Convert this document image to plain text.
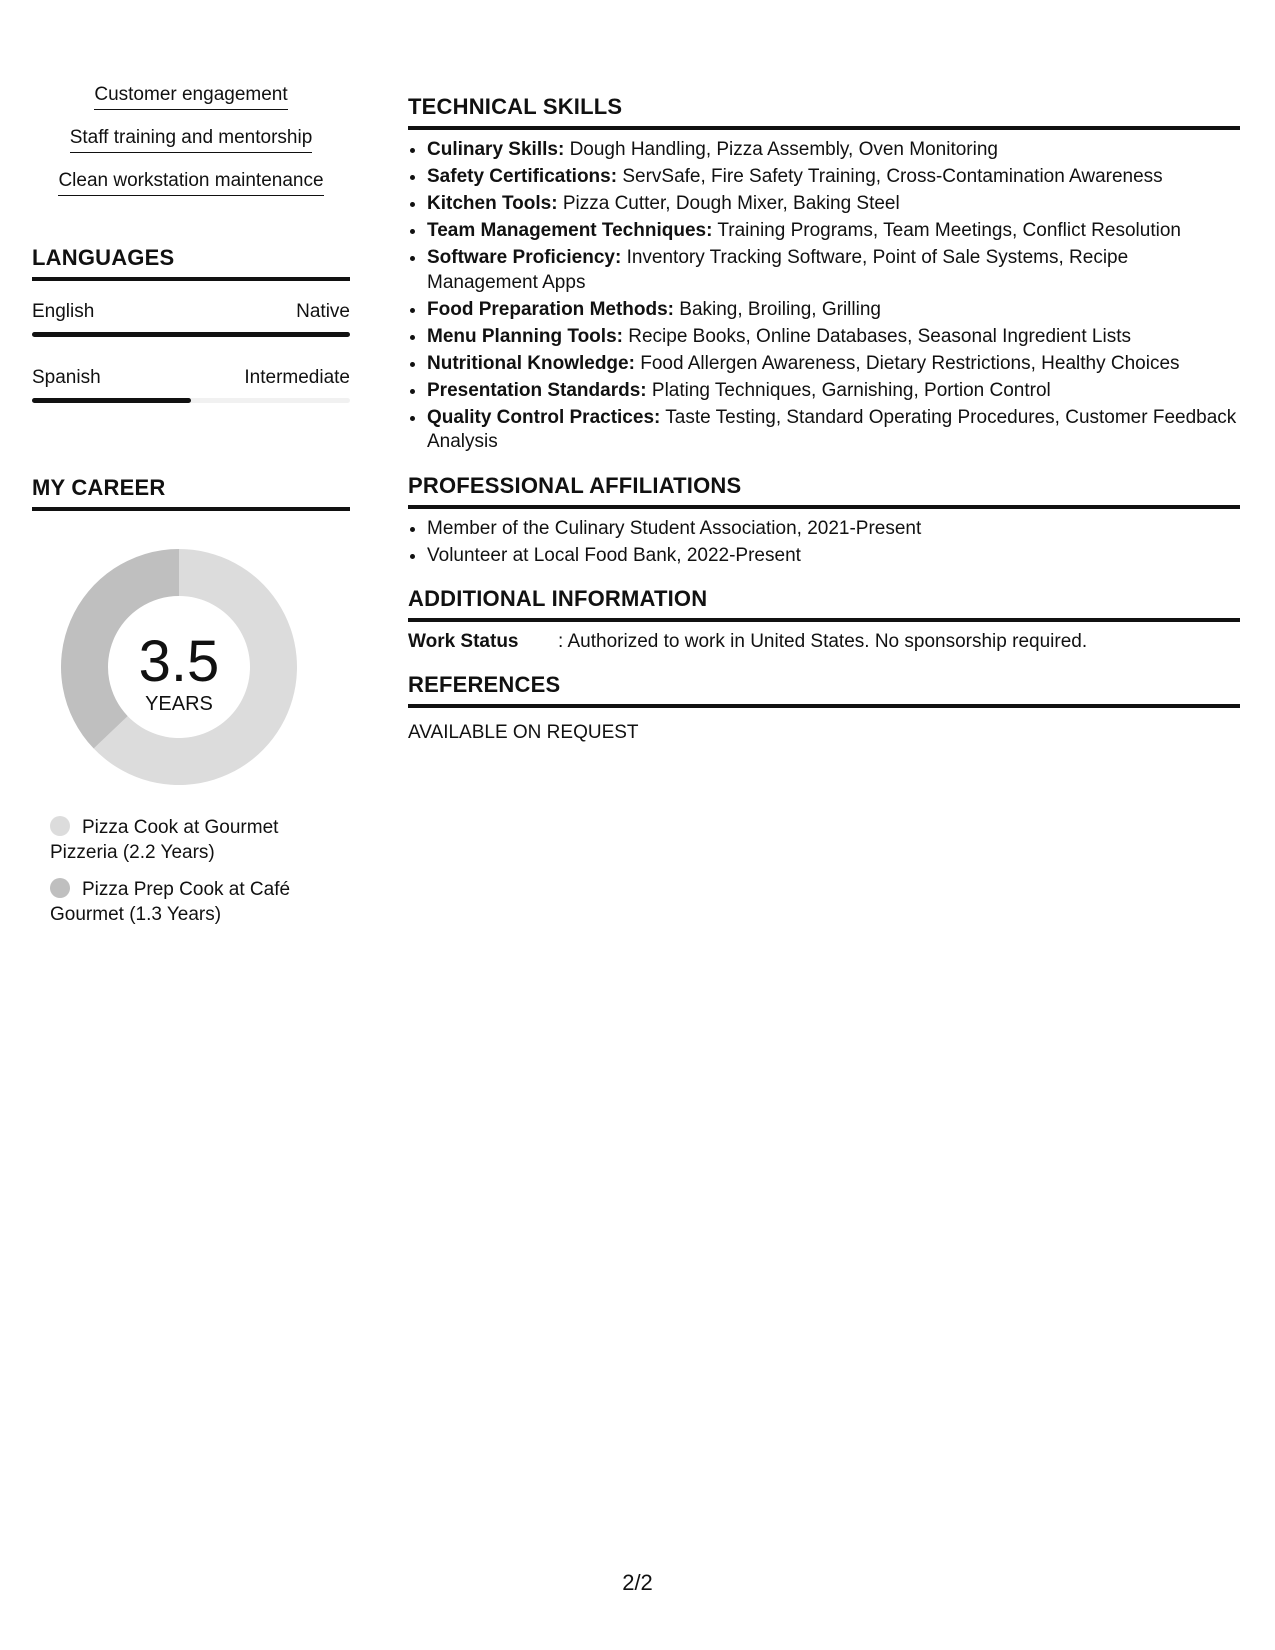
Customer engagement
Staff training and mentorship
Clean workstation maintenance
LANGUAGES
English	Native
Spanish	Intermediate
MY CAREER
3.5
YEARS
Pizza Cook at Gourmet Pizzeria (2.2 Years)
Pizza Prep Cook at Café Gourmet (1.3 Years)
TECHNICAL SKILLS
• Culinary Skills: Dough Handling, Pizza Assembly, Oven Monitoring
• Safety Certifications: ServSafe, Fire Safety Training, Cross-Contamination Awareness
• Kitchen Tools: Pizza Cutter, Dough Mixer, Baking Steel
• Team Management Techniques: Training Programs, Team Meetings, Conflict Resolution
• Software Proficiency: Inventory Tracking Software, Point of Sale Systems, Recipe Management Apps
• Food Preparation Methods: Baking, Broiling, Grilling
• Menu Planning Tools: Recipe Books, Online Databases, Seasonal Ingredient Lists
• Nutritional Knowledge: Food Allergen Awareness, Dietary Restrictions, Healthy Choices
• Presentation Standards: Plating Techniques, Garnishing, Portion Control
• Quality Control Practices: Taste Testing, Standard Operating Procedures, Customer Feedback Analysis
PROFESSIONAL AFFILIATIONS
• Member of the Culinary Student Association, 2021-Present
• Volunteer at Local Food Bank, 2022-Present
ADDITIONAL INFORMATION
Work Status : Authorized to work in United States. No sponsorship required.
REFERENCES
AVAILABLE ON REQUEST
2/2
